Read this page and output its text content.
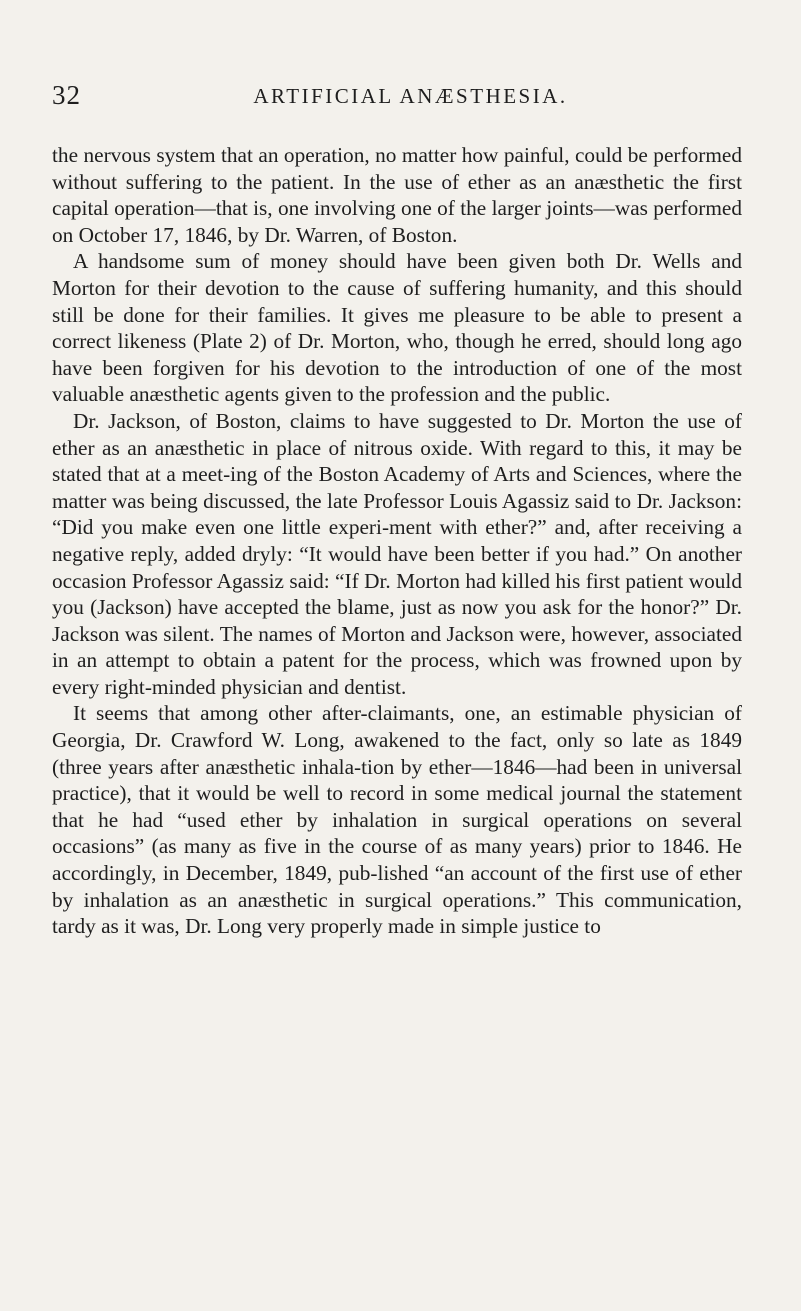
32	ARTIFICIAL ANÆSTHESIA.

the nervous system that an operation, no matter how painful, could be performed without suffering to the patient. In the use of ether as an anæsthetic the first capital operation—that is, one involving one of the larger joints—was performed on October 17, 1846, by Dr. Warren, of Boston.

A handsome sum of money should have been given both Dr. Wells and Morton for their devotion to the cause of suffering humanity, and this should still be done for their families. It gives me pleasure to be able to present a correct likeness (Plate 2) of Dr. Morton, who, though he erred, should long ago have been forgiven for his devotion to the introduction of one of the most valuable anæsthetic agents given to the profession and the public.

Dr. Jackson, of Boston, claims to have suggested to Dr. Morton the use of ether as an anæsthetic in place of nitrous oxide. With regard to this, it may be stated that at a meet-ing of the Boston Academy of Arts and Sciences, where the matter was being discussed, the late Professor Louis Agassiz said to Dr. Jackson: “Did you make even one little experi-ment with ether?” and, after receiving a negative reply, added dryly: “It would have been better if you had.” On another occasion Professor Agassiz said: “If Dr. Morton had killed his first patient would you (Jackson) have accepted the blame, just as now you ask for the honor?” Dr. Jackson was silent. The names of Morton and Jackson were, however, associated in an attempt to obtain a patent for the process, which was frowned upon by every right-minded physician and dentist.

It seems that among other after-claimants, one, an estimable physician of Georgia, Dr. Crawford W. Long, awakened to the fact, only so late as 1849 (three years after anæsthetic inhala-tion by ether—1846—had been in universal practice), that it would be well to record in some medical journal the statement that he had “used ether by inhalation in surgical operations on several occasions” (as many as five in the course of as many years) prior to 1846. He accordingly, in December, 1849, pub-lished “an account of the first use of ether by inhalation as an anæsthetic in surgical operations.” This communication, tardy as it was, Dr. Long very properly made in simple justice to
